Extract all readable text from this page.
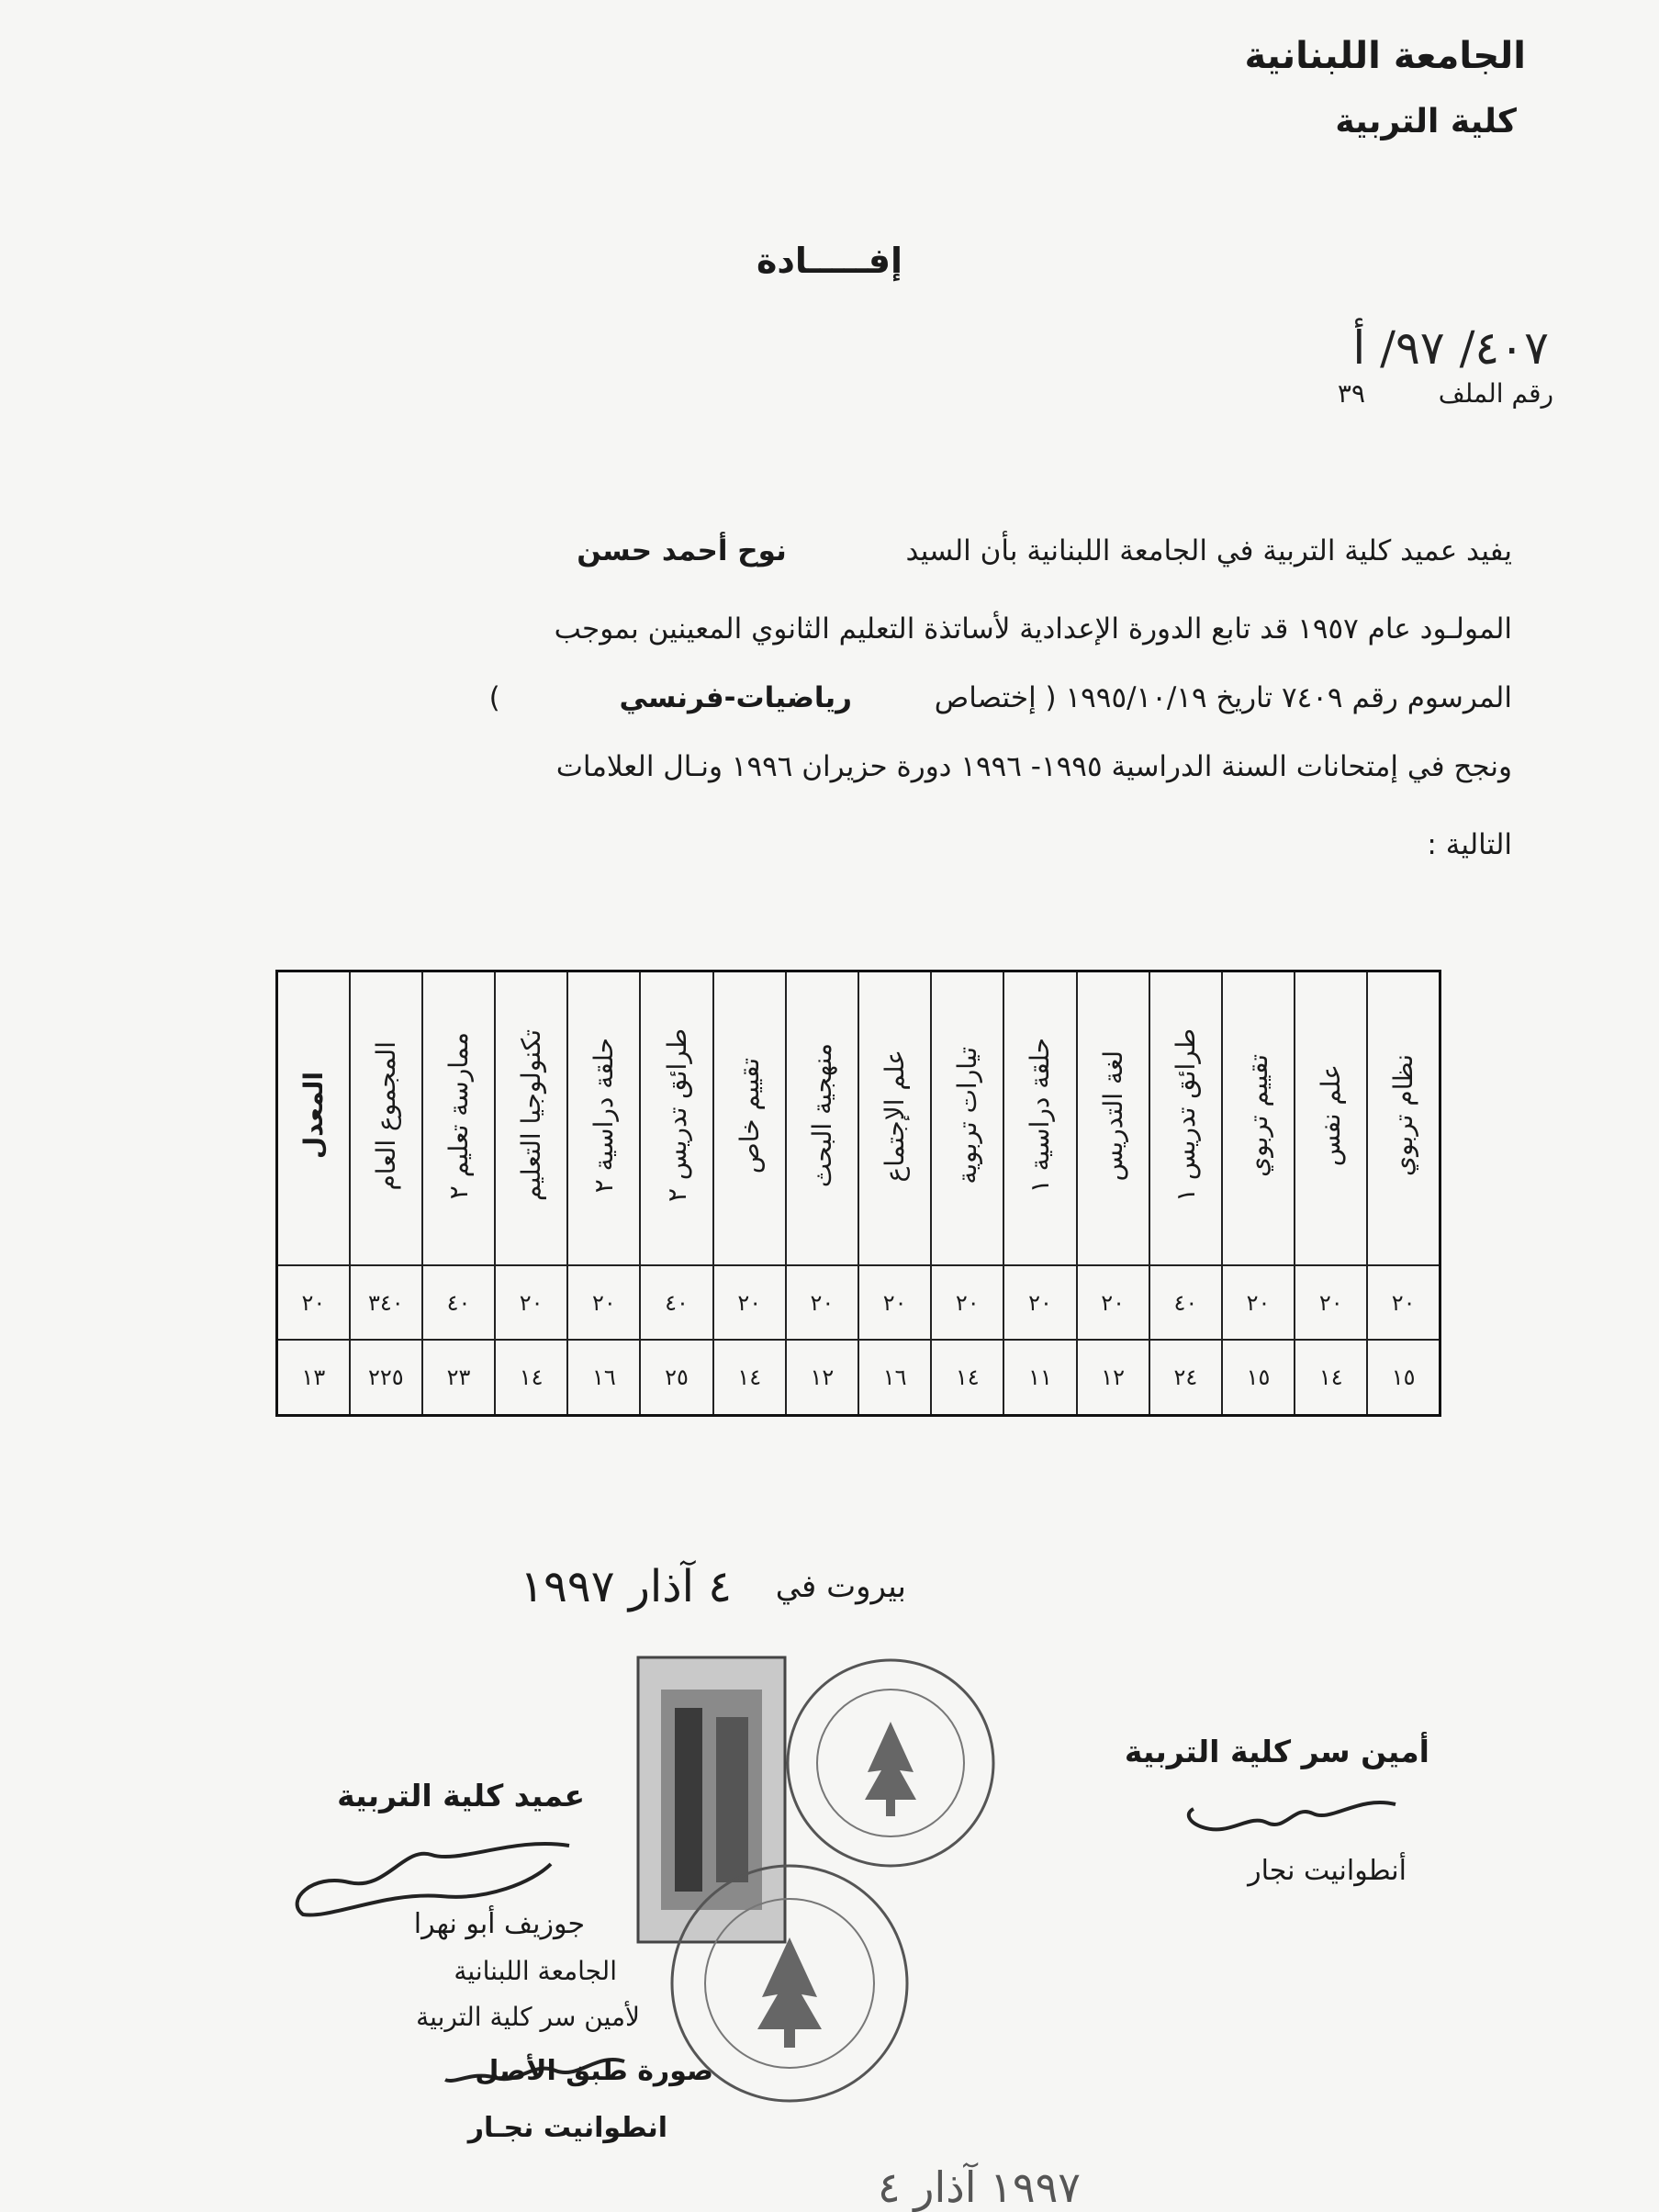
الجامعة اللبنانية
كلية التربية
إفـــــادة
٤٠٧/ ٩٧/ أ
رقم الملف
٣٩
يفيد عميد كلية التربية في الجامعة اللبنانية بأن السيد  نوح أحمد حسن
المولـود عام ١٩٥٧ قد تابع الدورة الإعدادية لأساتذة التعليم الثانوي المعينين بموجب
المرسوم رقم ٧٤٠٩ تاريخ ١٩٩٥/١٠/١٩ ( إختصاص  رياضيات-فرنسي  )
ونجح في إمتحانات السنة الدراسية ١٩٩٥- ١٩٩٦ دورة حزيران ١٩٩٦ ونـال العلامات
التالية :
نظام تربوي	علم نفس	تقييم تربوي	طرائق تدريس ١	لغة التدريس	حلقة دراسية ١	تيارات تربوية	علم الإجتماع	منهجية البحث	تقييم خاص	طرائق تدريس ٢	حلقة دراسية ٢	تكنولوجيا التعليم	ممارسة تعليم ٢	المجموع العام	المعدل
٢٠	٢٠	٢٠	٤٠	٢٠	٢٠	٢٠	٢٠	٢٠	٢٠	٤٠	٢٠	٢٠	٤٠	٣٤٠	٢٠
١٥	١٤	١٥	٢٤	١٢	١١	١٤	١٦	١٢	١٤	٢٥	١٦	١٤	٢٣	٢٢٥	١٣
بيروت في
٤ آذار ١٩٩٧
أمين سر كلية التربية
أنطوانيت نجار
عميد كلية التربية
جوزيف أبو نهرا
الجامعة اللبنانية
لأمين سر كلية التربية
صورة طبق الأصل
انطوانيت نجـار
١٩٩٧ آذار ٤
